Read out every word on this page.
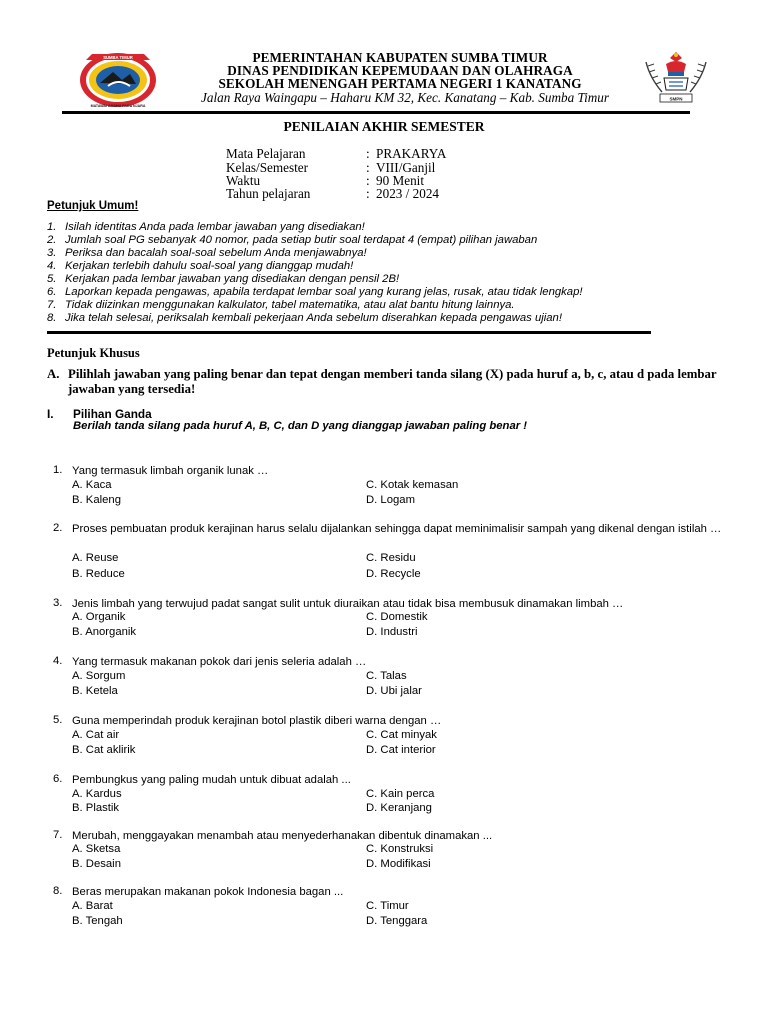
SUMBA TIMUR
MATAWAI AMAHU PADA NJARA
SMPN
PEMERINTAHAN KABUPATEN SUMBA TIMUR
DINAS PENDIDIKAN KEPEMUDAAN DAN OLAHRAGA
SEKOLAH MENENGAH PERTAMA NEGERI 1 KANATANG
Jalan Raya Waingapu – Haharu KM 32, Kec. Kanatang – Kab. Sumba Timur
PENILAIAN AKHIR SEMESTER
Mata Pelajaran	: PRAKARYA
Kelas/Semester	: VIII/Ganjil
Waktu	: 90 Menit
Tahun pelajaran	: 2023 / 2024
Petunjuk Umum!
1. Isilah identitas Anda pada lembar jawaban yang disediakan!
2. Jumlah soal PG sebanyak 40 nomor, pada setiap butir soal terdapat 4 (empat) pilihan jawaban
3. Periksa dan bacalah soal-soal sebelum Anda menjawabnya!
4. Kerjakan terlebih dahulu soal-soal yang dianggap mudah!
5. Kerjakan pada lembar jawaban yang disediakan dengan pensil 2B!
6. Laporkan kepada pengawas, apabila terdapat lembar soal yang kurang jelas, rusak, atau tidak lengkap!
7. Tidak diizinkan menggunakan kalkulator, tabel matematika, atau alat bantu hitung lainnya.
8. Jika telah selesai, periksalah kembali pekerjaan Anda sebelum diserahkan kepada pengawas ujian!
Petunjuk Khusus
A. Pilihlah jawaban yang paling benar dan tepat dengan memberi tanda silang (X) pada huruf a, b, c, atau d pada lembar jawaban yang tersedia!
I. Pilihan Ganda
Berilah tanda silang pada huruf A, B, C, dan D yang dianggap jawaban paling benar !
1. Yang termasuk limbah organik lunak …
A. Kaca	C. Kotak kemasan
B. Kaleng	D. Logam
2. Proses pembuatan produk kerajinan harus selalu dijalankan sehingga dapat meminimalisir sampah yang dikenal dengan istilah …
A. Reuse	C. Residu
B. Reduce	D. Recycle
3. Jenis limbah yang terwujud padat sangat sulit untuk diuraikan atau tidak bisa membusuk dinamakan limbah …
A. Organik	C. Domestik
B. Anorganik	D. Industri
4. Yang termasuk makanan pokok dari jenis seleria adalah …
A. Sorgum	C. Talas
B. Ketela	D. Ubi jalar
5. Guna memperindah produk kerajinan botol plastik diberi warna dengan …
A. Cat air	C. Cat minyak
B. Cat aklirik	D. Cat interior
6. Pembungkus yang paling mudah untuk dibuat adalah ...
A. Kardus	C. Kain perca
B. Plastik	D. Keranjang
7. Merubah, menggayakan menambah atau menyederhanakan dibentuk dinamakan ...
A. Sketsa	C. Konstruksi
B. Desain	D. Modifikasi
8. Beras merupakan makanan pokok Indonesia bagan ...
A. Barat	C. Timur
B. Tengah	D. Tenggara
